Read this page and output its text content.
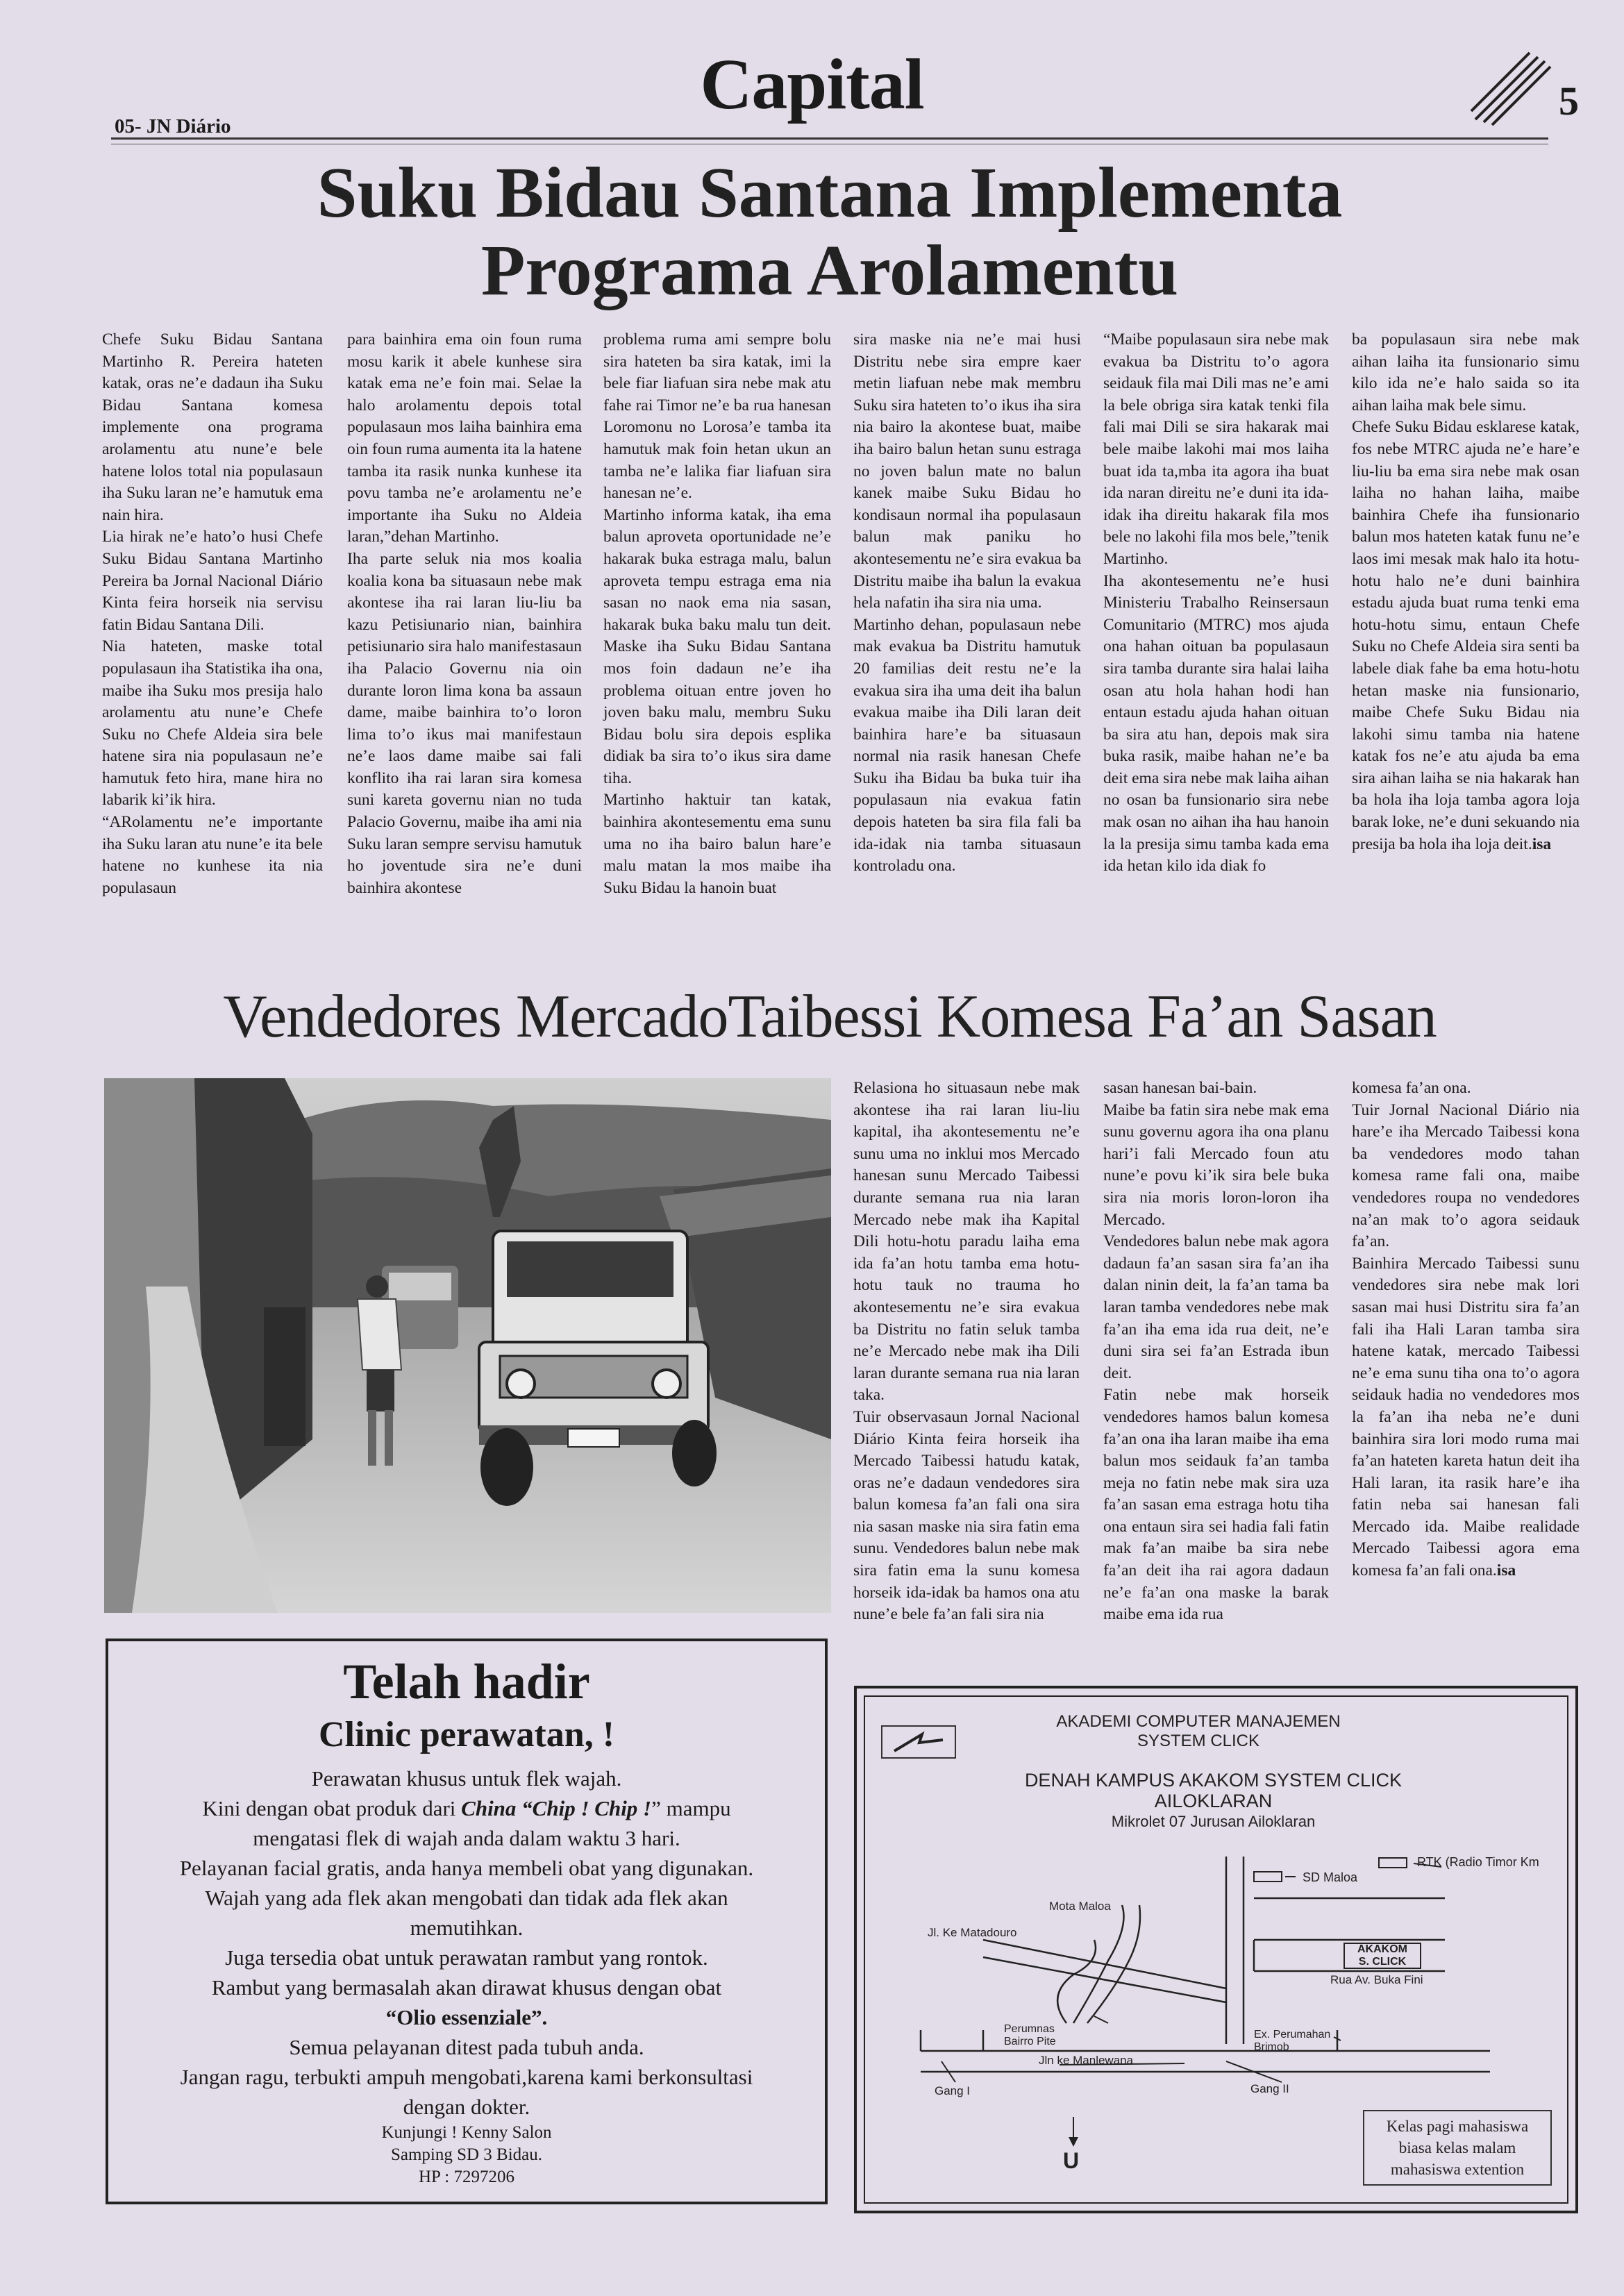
05- JN Diário
Capital	5
Suku Bidau Santana Implementa
Programa Arolamentu

Chefe Suku Bidau Santana Martinho R. Pereira hateten katak, oras ne’e dadaun iha Suku Bidau Santana komesa implemente ona programa arolamentu atu nune’e bele hatene lolos total nia populasaun iha Suku laran ne’e hamutuk ema nain hira.
Lia hirak ne’e hato’o husi Chefe Suku Bidau Santana Martinho Pereira ba Jornal Nacional Diário Kinta feira horseik nia servisu fatin Bidau Santana Dili.
Nia hateten, maske total populasaun iha Statistika iha ona, maibe iha Suku mos presija halo arolamentu atu nune’e Chefe Suku no Chefe Aldeia sira bele hatene sira nia populasaun ne’e hamutuk feto hira, mane hira no labarik ki’ik hira.
“ARolamentu ne’e importante iha Suku laran atu nune’e ita bele hatene no kunhese ita nia populasaun

para bainhira ema oin foun ruma mosu karik it abele kunhese sira katak ema ne’e foin mai. Selae la halo arolamentu depois total populasaun mos laiha bainhira ema oin foun ruma aumenta ita la hatene tamba ita rasik nunka kunhese ita povu tamba ne’e arolamentu ne’e importante iha Suku no Aldeia laran,”dehan Martinho.
Iha parte seluk nia mos koalia koalia kona ba situasaun nebe mak akontese iha rai laran liu-liu ba kazu Petisiunario nian, bainhira petisiunario sira halo manifestasaun iha Palacio Governu nia oin durante loron lima kona ba assaun dame, maibe bainhira to’o loron lima to’o ikus mai manifestaun ne’e laos dame maibe sai fali konflito iha rai laran sira komesa suni kareta governu nian no tuda Palacio Governu, maibe iha ami nia Suku laran sempre servisu hamutuk ho joventude sira ne’e duni bainhira akontese

problema ruma ami sempre bolu sira hateten ba sira katak, imi la bele fiar liafuan sira nebe mak atu fahe rai Timor ne’e ba rua hanesan Loromonu no Lorosa’e tamba ita hamutuk mak foin hetan ukun an tamba ne’e lalika fiar liafuan sira hanesan ne’e.
Martinho informa katak, iha ema balun aproveta oportunidade ne’e hakarak buka estraga malu, balun aproveta tempu estraga ema nia sasan no naok ema nia sasan, hakarak buka baku malu tun deit. Maske iha Suku Bidau Santana mos foin dadaun ne’e iha problema oituan entre joven ho joven baku malu, membru Suku Bidau bolu sira depois esplika didiak ba sira to’o ikus sira dame tiha.
Martinho haktuir tan katak, bainhira akontesementu ema sunu uma no iha bairo balun hare’e malu matan la mos maibe iha Suku Bidau la hanoin buat

sira maske nia ne’e mai husi Distritu nebe sira empre kaer metin liafuan nebe mak membru Suku sira hateten to’o ikus iha sira nia bairo la akontese buat, maibe iha bairo balun hetan sunu estraga no joven balun mate no balun kanek maibe Suku Bidau ho kondisaun normal iha populasaun balun mak paniku ho akontesementu ne’e sira evakua ba Distritu maibe iha balun la evakua hela nafatin iha sira nia uma.
Martinho dehan, populasaun nebe mak evakua ba Distritu hamutuk 20 familias deit restu ne’e la evakua sira iha uma deit iha balun evakua maibe iha Dili laran deit bainhira hare’e ba situasaun normal nia rasik hanesan Chefe Suku iha Bidau ba buka tuir iha populasaun nia evakua fatin depois hateten ba sira fila fali ba ida-idak nia tamba situasaun kontroladu ona.

“Maibe populasaun sira nebe mak evakua ba Distritu to’o agora seidauk fila mai Dili mas ne’e ami la bele obriga sira katak tenki fila fali mai Dili se sira hakarak mai bele maibe lakohi mai mos laiha buat ida ta,mba ita agora iha buat ida naran direitu ne’e duni ita ida-idak iha direitu hakarak fila mos bele no lakohi fila mos bele,”tenik Martinho.
Iha akontesementu ne’e husi Ministeriu Trabalho Reinsersaun Comunitario (MTRC) mos ajuda ona hahan oituan ba populasaun sira tamba durante sira halai laiha osan atu hola hahan hodi han entaun estadu ajuda hahan oituan ba sira atu han, depois mak sira buka rasik, maibe hahan ne’e ba deit ema sira nebe mak laiha aihan no osan ba funsionario sira nebe mak osan no aihan iha hau hanoin la la presija simu tamba kada ema ida hetan kilo ida diak fo

ba populasaun sira nebe mak aihan laiha ita funsionario simu kilo ida ne’e halo saida so ita aihan laiha mak bele simu.
Chefe Suku Bidau esklarese katak, fos nebe MTRC ajuda ne’e hare’e liu-liu ba ema sira nebe mak osan laiha no hahan laiha, maibe bainhira Chefe iha funsionario balun mos hateten katak funu ne’e laos imi mesak mak halo ita hotu-hotu halo ne’e duni bainhira estadu ajuda buat ruma tenki ema hotu-hotu simu, entaun Chefe Suku no Chefe Aldeia sira senti ba labele diak fahe ba ema hotu-hotu hetan maske nia funsionario, maibe Chefe Suku Bidau nia lakohi simu tamba nia hatene katak fos ne’e atu ajuda ba ema sira aihan laiha se nia hakarak han ba hola iha loja tamba agora loja barak loke, ne’e duni sekuando nia presija ba hola iha loja deit.isa

Vendedores MercadoTaibessi Komesa Fa’an Sasan

Relasiona ho situasaun nebe mak akontese iha rai laran liu-liu kapital, iha akontesementu ne’e sunu uma no inklui mos Mercado hanesan sunu Mercado Taibessi durante semana rua nia laran Mercado nebe mak iha Kapital Dili hotu-hotu paradu laiha ema ida fa’an hotu tamba ema hotu- hotu tauk no trauma ho akontesementu ne’e sira evakua ba Distritu no fatin seluk tamba ne’e Mercado nebe mak iha Dili laran durante semana rua nia laran taka.
Tuir observasaun Jornal Nacional Diário Kinta feira horseik iha Mercado Taibessi hatudu katak, oras ne’e dadaun vendedores sira balun komesa fa’an fali ona sira nia sasan maske nia sira fatin ema sunu. Vendedores balun nebe mak sira fatin ema la sunu komesa horseik ida-idak ba hamos ona atu nune’e bele fa’an fali sira nia

sasan hanesan bai-bain.
Maibe ba fatin sira nebe mak ema sunu governu agora iha ona planu hari’i fali Mercado foun atu nune’e povu ki’ik sira bele buka sira nia moris loron-loron iha Mercado.
Vendedores balun nebe mak agora dadaun fa’an sasan sira fa’an iha dalan ninin deit, la fa’an tama ba laran tamba vendedores nebe mak fa’an iha ema ida rua deit, ne’e duni sira sei fa’an Estrada ibun deit.
Fatin nebe mak horseik vendedores hamos balun komesa fa’an ona iha laran maibe iha ema balun mos seidauk fa’an tamba meja no fatin nebe mak sira uza fa’an sasan ema estraga hotu tiha ona entaun sira sei hadia fali fatin mak fa’an maibe ba sira nebe fa’an deit iha rai agora dadaun ne’e fa’an ona maske la barak maibe ema ida rua

komesa fa’an ona.
Tuir Jornal Nacional Diário nia hare’e iha Mercado Taibessi kona ba vendedores modo tahan komesa rame fali ona, maibe vendedores roupa no vendedores na’an mak to’o agora seidauk fa’an.
Bainhira Mercado Taibessi sunu vendedores sira nebe mak lori sasan mai husi Distritu sira fa’an fali iha Hali Laran tamba sira hatene katak, mercado Taibessi ne’e ema sunu tiha ona to’o agora seidauk hadia no vendedores mos la fa’an iha neba ne’e duni bainhira sira lori modo ruma mai fa’an hateten kareta hatun deit iha Hali laran, ita rasik hare’e iha fatin neba sai hanesan fali Mercado ida. Maibe realidade Mercado Taibessi agora ema komesa fa’an fali ona.isa

Telah hadir
Clinic perawatan, !
Perawatan khusus untuk flek wajah.
Kini dengan obat produk dari China “Chip ! Chip !” mampu
mengatasi flek di wajah anda dalam waktu 3 hari.
Pelayanan facial gratis, anda hanya membeli obat yang digunakan.
Wajah yang ada flek akan mengobati dan tidak ada flek akan
memutihkan.
Juga tersedia obat untuk perawatan rambut yang rontok.
Rambut yang bermasalah akan dirawat khusus dengan obat
“Olio essenziale”.
Semua pelayanan ditest pada tubuh anda.
Jangan ragu, terbukti ampuh mengobati,karena kami berkonsultasi
dengan dokter.
Kunjungi ! Kenny Salon
Samping SD 3 Bidau.
HP : 7297206
AKADEMI COMPUTER MANAJEMEN
SYSTEM CLICK
DENAH KAMPUS AKAKOM SYSTEM CLICK
AILOKLARAN
Mikrolet 07 Jurusan Ailoklaran
RTK (Radio Timor Km
SD Maloa
Mota Maloa
Jl. Ke Matadouro
AKAKOM
S. CLICK
Rua Av. Buka Fini
Perumnas
Bairro Pite
Ex. Perumahan
Brimob
Jln ke Manlewana
Gang I	Gang II
U
Kelas pagi mahasiswa
biasa kelas malam
mahasiswa extention
